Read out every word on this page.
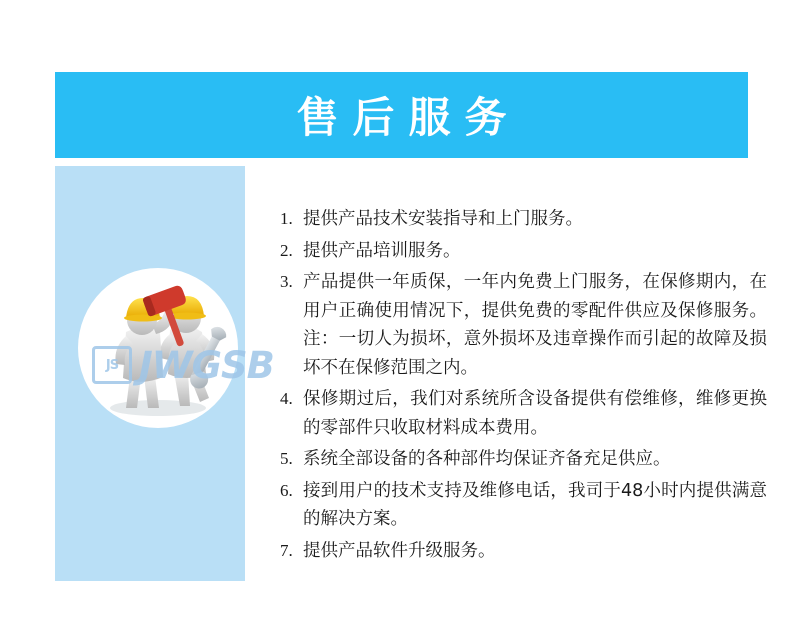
售后服务
JS JWGSB
1. 提供产品技术安装指导和上门服务。
2. 提供产品培训服务。
3. 产品提供一年质保，一年内免费上门服务，在保修期内，在用户正确使用情况下，提供免费的零配件供应及保修服务。注：一切人为损坏，意外损坏及违章操作而引起的故障及损坏不在保修范围之内。
4. 保修期过后，我们对系统所含设备提供有偿维修，维修更换的零部件只收取材料成本费用。
5. 系统全部设备的各种部件均保证齐备充足供应。
6. 接到用户的技术支持及维修电话，我司于48小时内提供满意的解决方案。
7. 提供产品软件升级服务。
